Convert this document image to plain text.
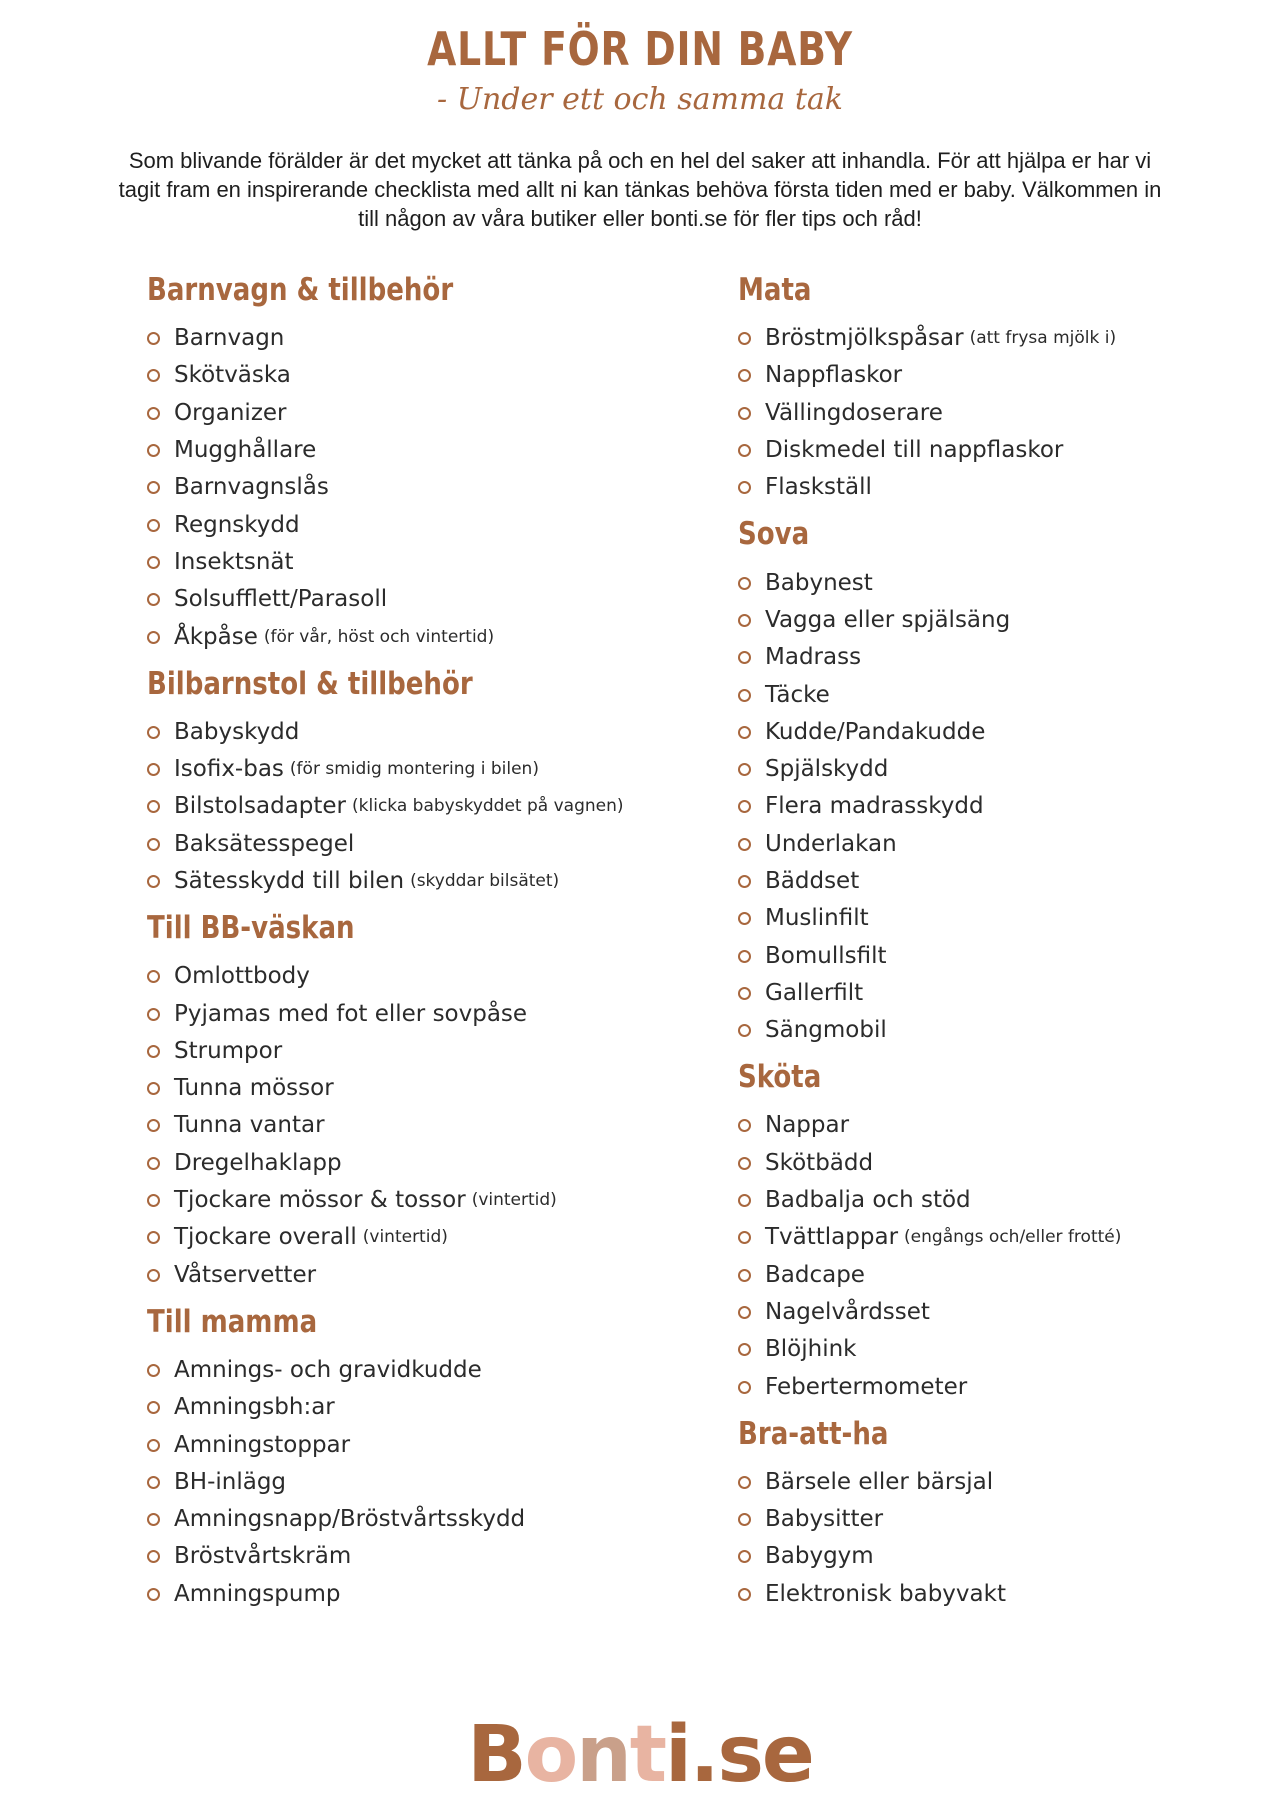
ALLT FÖR DIN BABY
- Under ett och samma tak
Som blivande förälder är det mycket att tänka på och en hel del saker att inhandla. För att hjälpa er har vi tagit fram en inspirerande checklista med allt ni kan tänkas behöva första tiden med er baby. Välkommen in till någon av våra butiker eller bonti.se för fler tips och råd!
Barnvagn & tillbehör
Barnvagn
Skötväska
Organizer
Mugghållare
Barnvagnslås
Regnskydd
Insektsnät
Solsufflett/Parasoll
Åkpåse (för vår, höst och vintertid)
Bilbarnstol & tillbehör
Babyskydd
Isofix-bas (för smidig montering i bilen)
Bilstolsadapter (klicka babyskyddet på vagnen)
Baksätesspegel
Sätesskydd till bilen (skyddar bilsätet)
Till BB-väskan
Omlottbody
Pyjamas med fot eller sovpåse
Strumpor
Tunna mössor
Tunna vantar
Dregelhaklapp
Tjockare mössor & tossor (vintertid)
Tjockare overall (vintertid)
Våtservetter
Till mamma
Amnings- och gravidkudde
Amningsbh:ar
Amningstoppar
BH-inlägg
Amningsnapp/Bröstvårtsskydd
Bröstvårtskräm
Amningspump
Mata
Bröstmjölkspåsar (att frysa mjölk i)
Nappflaskor
Vällingdoserare
Diskmedel till nappflaskor
Flaskställ
Sova
Babynest
Vagga eller spjälsäng
Madrass
Täcke
Kudde/Pandakudde
Spjälskydd
Flera madrasskydd
Underlakan
Bäddset
Muslinfilt
Bomullsfilt
Gallerfilt
Sängmobil
Sköta
Nappar
Skötbädd
Badbalja och stöd
Tvättlappar (engångs och/eller frotté)
Badcape
Nagelvårdsset
Blöjhink
Febertermometer
Bra-att-ha
Bärsele eller bärsjal
Babysitter
Babygym
Elektronisk babyvakt
Bonti.se
